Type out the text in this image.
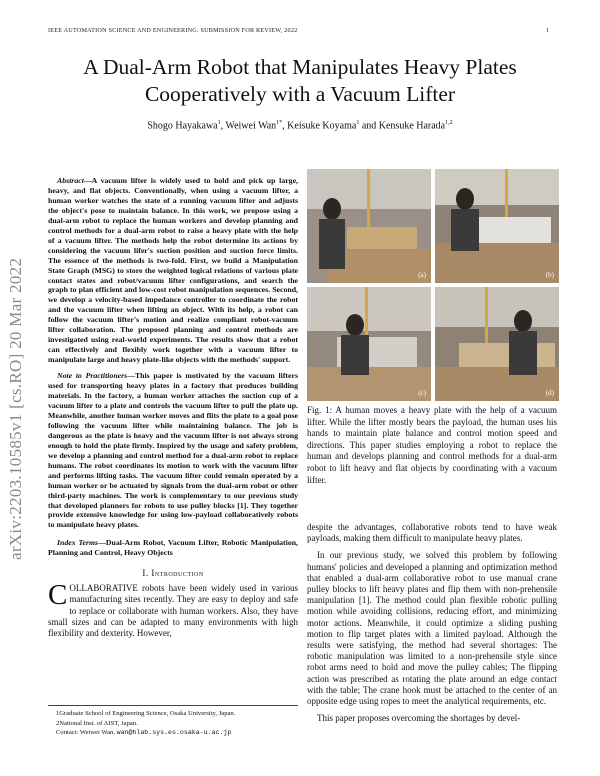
IEEE AUTOMATION SCIENCE AND ENGINEERING. SUBMISSION FOR REVIEW, 2022	1
A Dual-Arm Robot that Manipulates Heavy Plates Cooperatively with a Vacuum Lifter
Shogo Hayakawa$^1$, Weiwei Wan$^{1*}$, Keisuke Koyama$^1$ and Kensuke Harada$^{1,2}$
arXiv:2203.10585v1 [cs.RO] 20 Mar 2022

Abstract—A vacuum lifter is widely used to hold and pick up large, heavy, and flat objects. Conventionally, when using a vacuum lifter, a human worker watches the state of a running vacuum lifter and adjusts the object's pose to maintain balance. In this work, we propose using a dual-arm robot to replace the human workers and develop planning and control methods for a dual-arm robot to raise a heavy plate with the help of a vacuum lifter. The methods help the robot determine its actions by considering the vacuum lifer's suction position and suction force limits. The essence of the methods is two-fold. First, we build a Manipulation State Graph (MSG) to store the weighted logical relations of various plate contact states and robot/vacuum lifter configurations, and search the graph to plan efficient and low-cost robot manipulation sequences. Second, we develop a velocity-based impedance controller to coordinate the robot and the vacuum lifter when lifting an object. With its help, a robot can follow the vacuum lifter's motion and realize compliant robot-vacuum lifter collaboration. The proposed planning and control methods are investigated using real-world experiments. The results show that a robot can effectively and flexibly work together with a vacuum lifter to manipulate large and heavy plate-like objects with the methods' support.

Note to Practitioners—This paper is motivated by the vacuum lifters used for transporting heavy plates in a factory that produces building materials. In the factory, a human worker attaches the suction cup of a vacuum lifter to a plate and controls the vacuum lifter to pull the plate up. Meanwhile, another human worker moves and flits the plate to a goal pose following the vacuum lifter while maintaining balance. The job is dangerous as the plate is heavy and the vacuum lifter is not always strong enough to hold the plate firmly. Inspired by the usage and safety problem, we develop a planning and control method for a dual-arm robot to replace humans. The robot coordinates its motion to work with the vacuum lifter and performs lifting tasks. The vacuum lifter could remain operated by a human worker or be actuated by signals from the dual-arm robot or other third-party machines. The work is complementary to our previous study that developed planners for robots to use pulley blocks [1]. They together provide extensive knowledge for using low-payload collaboratively robots to manipulate heavy plates.

Index Terms—Dual-Arm Robot, Vacuum Lifter, Robotic Manipulation, Planning and Control, Heavy Objects

I. Introduction

COLLABORATIVE robots have been widely used in various manufacturing sites recently. They are easy to deploy and safe to replace or collaborate with human workers. Also, they have small sizes and can be adapted to many environments with high flexibility and dexterity. However,

1Graduate School of Engineering Science, Osaka University, Japan.
2National Inst. of AIST, Japan.
Contact: Weiwei Wan, wan@hlab.sys.es.osaka-u.ac.jp
(a)	(b)
(c)	(d)
Fig. 1: A human moves a heavy plate with the help of a vacuum lifter. While the lifter mostly bears the payload, the human uses his hands to maintain plate balance and control motion speed and directions. This paper studies employing a robot to replace the human and develops planning and control methods for a dual-arm robot to lift heavy and flat objects by coordinating with a vacuum lifter.

despite the advantages, collaborative robots tend to have weak payloads, making them difficult to manipulate heavy plates.

In our previous study, we solved this problem by following humans' policies and developed a planning and optimization method that enabled a dual-arm collaborative robot to use manual crane pulley blocks to lift heavy plates and flip them with non-prehensile manipulation [1]. The method could plan flexible robotic pulling motion while avoiding collisions, reducing effort, and minimizing motor actions. Meanwhile, it could optimize a sliding pushing motion to flip target plates with a limited payload. Although the results were satisfying, the method had several shortages: The robotic manipulation was limited to a non-prehensile style since robot arms need to hold and move the pulley cables; The flipping action was prescribed as rotating the plate around an edge contact with the table; The crane hook must be attached to the center of an opposite edge using ropes to meet the analytical requirements, etc.

This paper proposes overcoming the shortages by devel-
